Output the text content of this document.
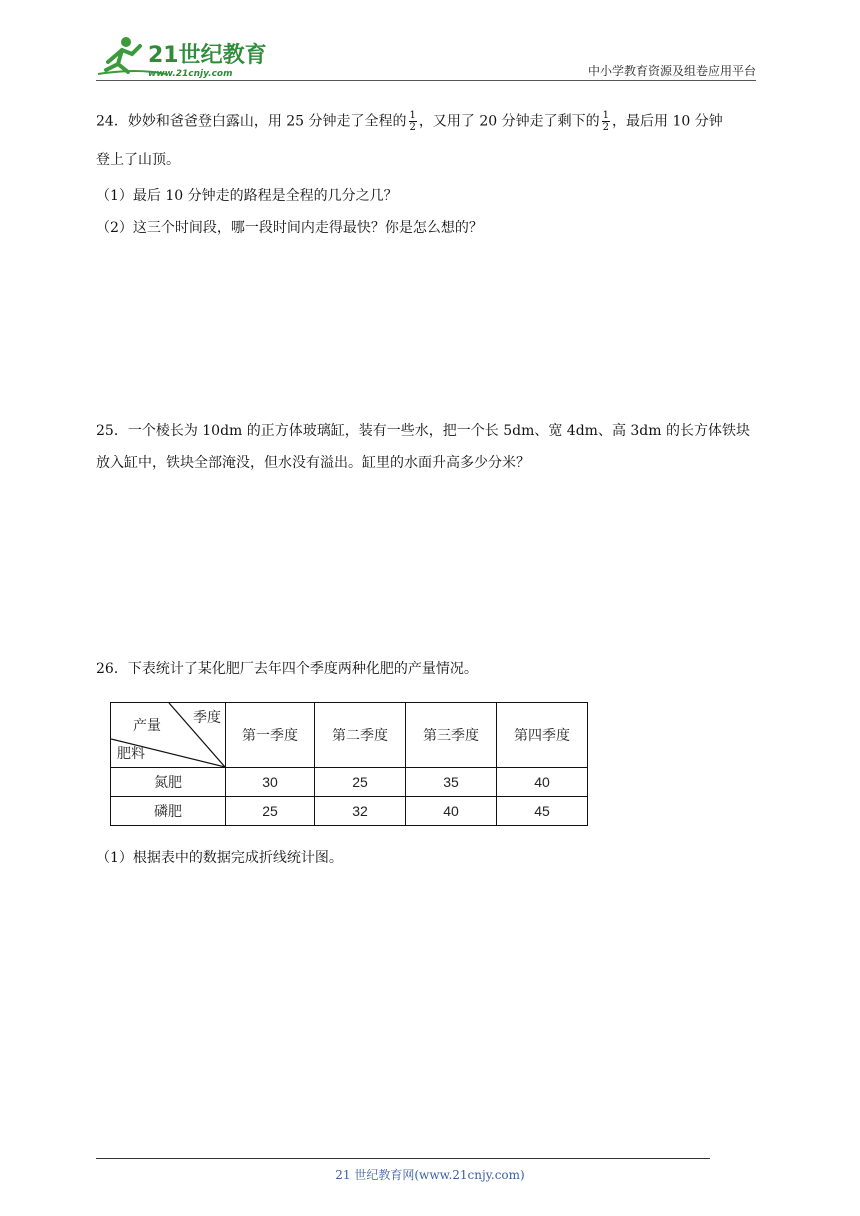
21世纪教育
www.21cnjy.com	中小学教育资源及组卷应用平台
24．妙妙和爸爸登白露山，用 25 分钟走了全程的 $\frac{1}{2}$ ，又用了 20 分钟走了剩下的 $\frac{1}{2}$ ，最后用 10 分钟
登上了山顶。
（1）最后 10 分钟走的路程是全程的几分之几？
（2）这三个时间段，哪一段时间内走得最快？你是怎么想的？
25．一个棱长为 10dm 的正方体玻璃缸，装有一些水，把一个长 5dm、宽 4dm、高 3dm 的长方体铁块
放入缸中，铁块全部淹没，但水没有溢出。缸里的水面升高多少分米？
26．下表统计了某化肥厂去年四个季度两种化肥的产量情况。
季度
产量
肥料	第一季度	第二季度	第三季度	第四季度
氮肥	30	25	35	40
磷肥	25	32	40	45
（1）根据表中的数据完成折线统计图。
21 世纪教育网(www.21cnjy.com)
